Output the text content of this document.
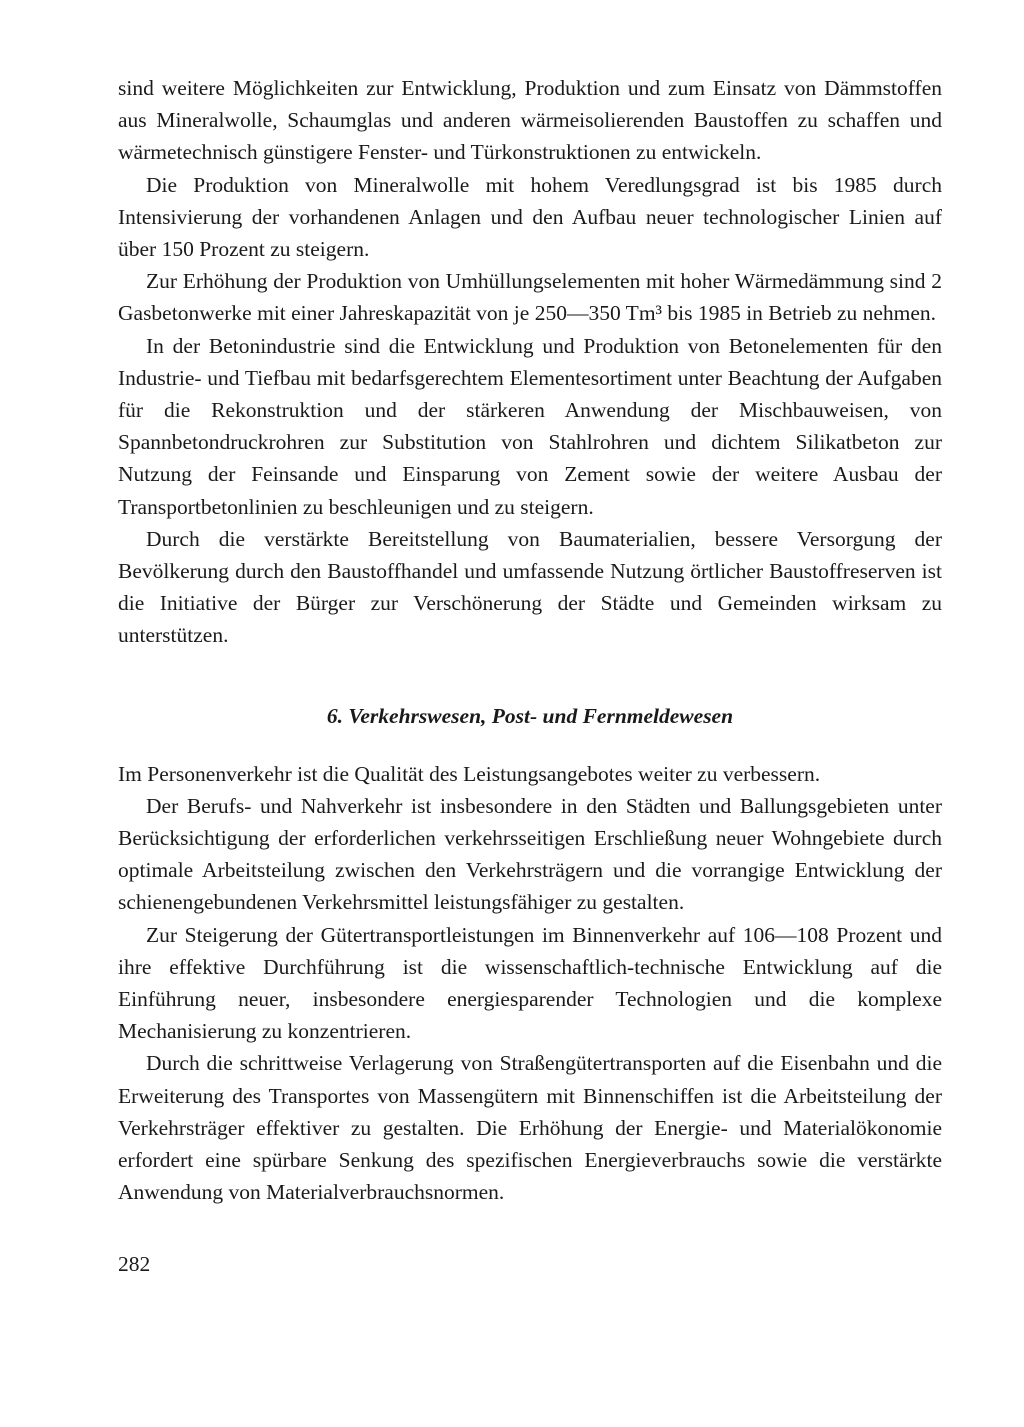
sind weitere Möglichkeiten zur Entwicklung, Produktion und zum Einsatz von Dämmstoffen aus Mineralwolle, Schaumglas und anderen wärmeisolierenden Baustoffen zu schaffen und wärmetechnisch günstigere Fenster- und Türkonstruktionen zu entwickeln.

Die Produktion von Mineralwolle mit hohem Veredlungsgrad ist bis 1985 durch Intensivierung der vorhandenen Anlagen und den Aufbau neuer technologischer Linien auf über 150 Prozent zu steigern.

Zur Erhöhung der Produktion von Umhüllungselementen mit hoher Wärmedämmung sind 2 Gasbetonwerke mit einer Jahreskapazität von je 250—350 Tm³ bis 1985 in Betrieb zu nehmen.

In der Betonindustrie sind die Entwicklung und Produktion von Betonelementen für den Industrie- und Tiefbau mit bedarfsgerechtem Elementesortiment unter Beachtung der Aufgaben für die Rekonstruktion und der stärkeren Anwendung der Mischbauweisen, von Spannbetondruckrohren zur Substitution von Stahlrohren und dichtem Silikatbeton zur Nutzung der Feinsande und Einsparung von Zement sowie der weitere Ausbau der Transportbetonlinien zu beschleunigen und zu steigern.

Durch die verstärkte Bereitstellung von Baumaterialien, bessere Versorgung der Bevölkerung durch den Baustoffhandel und umfassende Nutzung örtlicher Baustoffreserven ist die Initiative der Bürger zur Verschönerung der Städte und Gemeinden wirksam zu unterstützen.

6. Verkehrswesen, Post- und Fernmeldewesen

Im Personenverkehr ist die Qualität des Leistungsangebotes weiter zu verbessern.

Der Berufs- und Nahverkehr ist insbesondere in den Städten und Ballungsgebieten unter Berücksichtigung der erforderlichen verkehrsseitigen Erschließung neuer Wohngebiete durch optimale Arbeitsteilung zwischen den Verkehrsträgern und die vorrangige Entwicklung der schienengebundenen Verkehrsmittel leistungsfähiger zu gestalten.

Zur Steigerung der Gütertransportleistungen im Binnenverkehr auf 106—108 Prozent und ihre effektive Durchführung ist die wissenschaftlich-technische Entwicklung auf die Einführung neuer, insbesondere energiesparender Technologien und die komplexe Mechanisierung zu konzentrieren.

Durch die schrittweise Verlagerung von Straßengütertransporten auf die Eisenbahn und die Erweiterung des Transportes von Massengütern mit Binnenschiffen ist die Arbeitsteilung der Verkehrsträger effektiver zu gestalten. Die Erhöhung der Energie- und Materialökonomie erfordert eine spürbare Senkung des spezifischen Energieverbrauchs sowie die verstärkte Anwendung von Materialverbrauchsnormen.

282
